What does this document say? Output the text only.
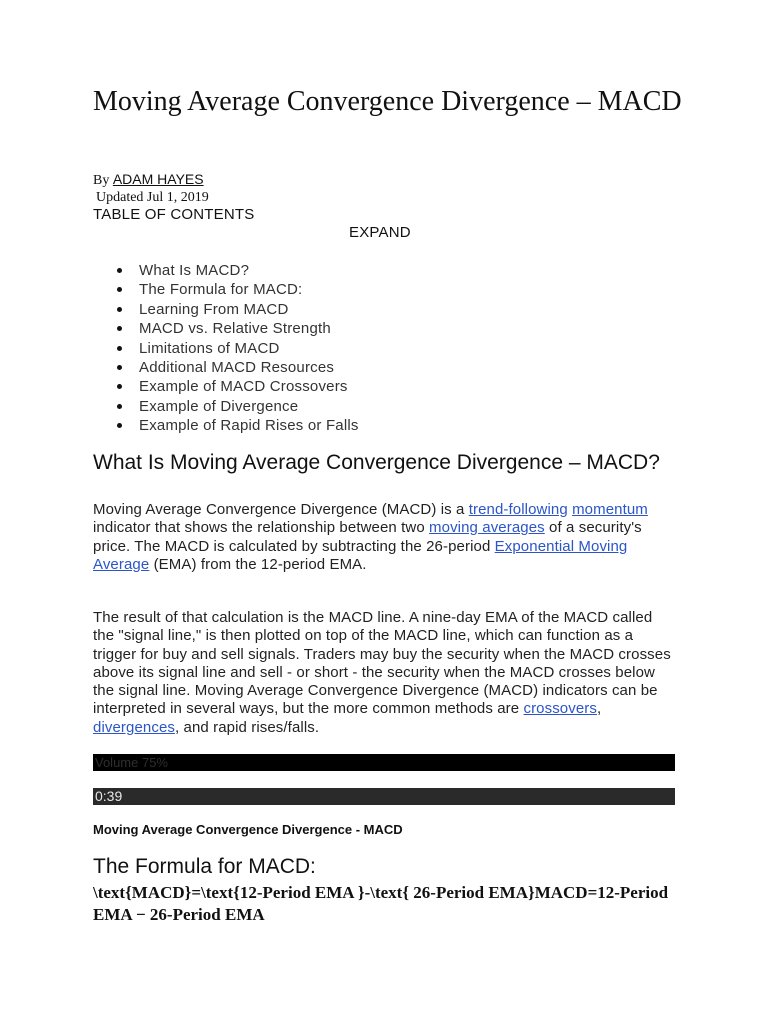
Moving Average Convergence Divergence – MACD
By ADAM HAYES
Updated Jul 1, 2019
TABLE OF CONTENTS
EXPAND
What Is MACD?
The Formula for MACD:
Learning From MACD
MACD vs. Relative Strength
Limitations of MACD
Additional MACD Resources
Example of MACD Crossovers
Example of Divergence
Example of Rapid Rises or Falls
What Is Moving Average Convergence Divergence – MACD?

Moving Average Convergence Divergence (MACD) is a trend-following momentum indicator that shows the relationship between two moving averages of a security's price. The MACD is calculated by subtracting the 26-period Exponential Moving Average (EMA) from the 12-period EMA.

The result of that calculation is the MACD line. A nine-day EMA of the MACD called the "signal line," is then plotted on top of the MACD line, which can function as a trigger for buy and sell signals. Traders may buy the security when the MACD crosses above its signal line and sell - or short - the security when the MACD crosses below the signal line. Moving Average Convergence Divergence (MACD) indicators can be interpreted in several ways, but the more common methods are crossovers, divergences, and rapid rises/falls.

Volume 75%
0:39
Moving Average Convergence Divergence - MACD
The Formula for MACD:
\text{MACD}=\text{12-Period EMA }-\text{ 26-Period EMA}MACD=12-Period EMA − 26-Period EMA
